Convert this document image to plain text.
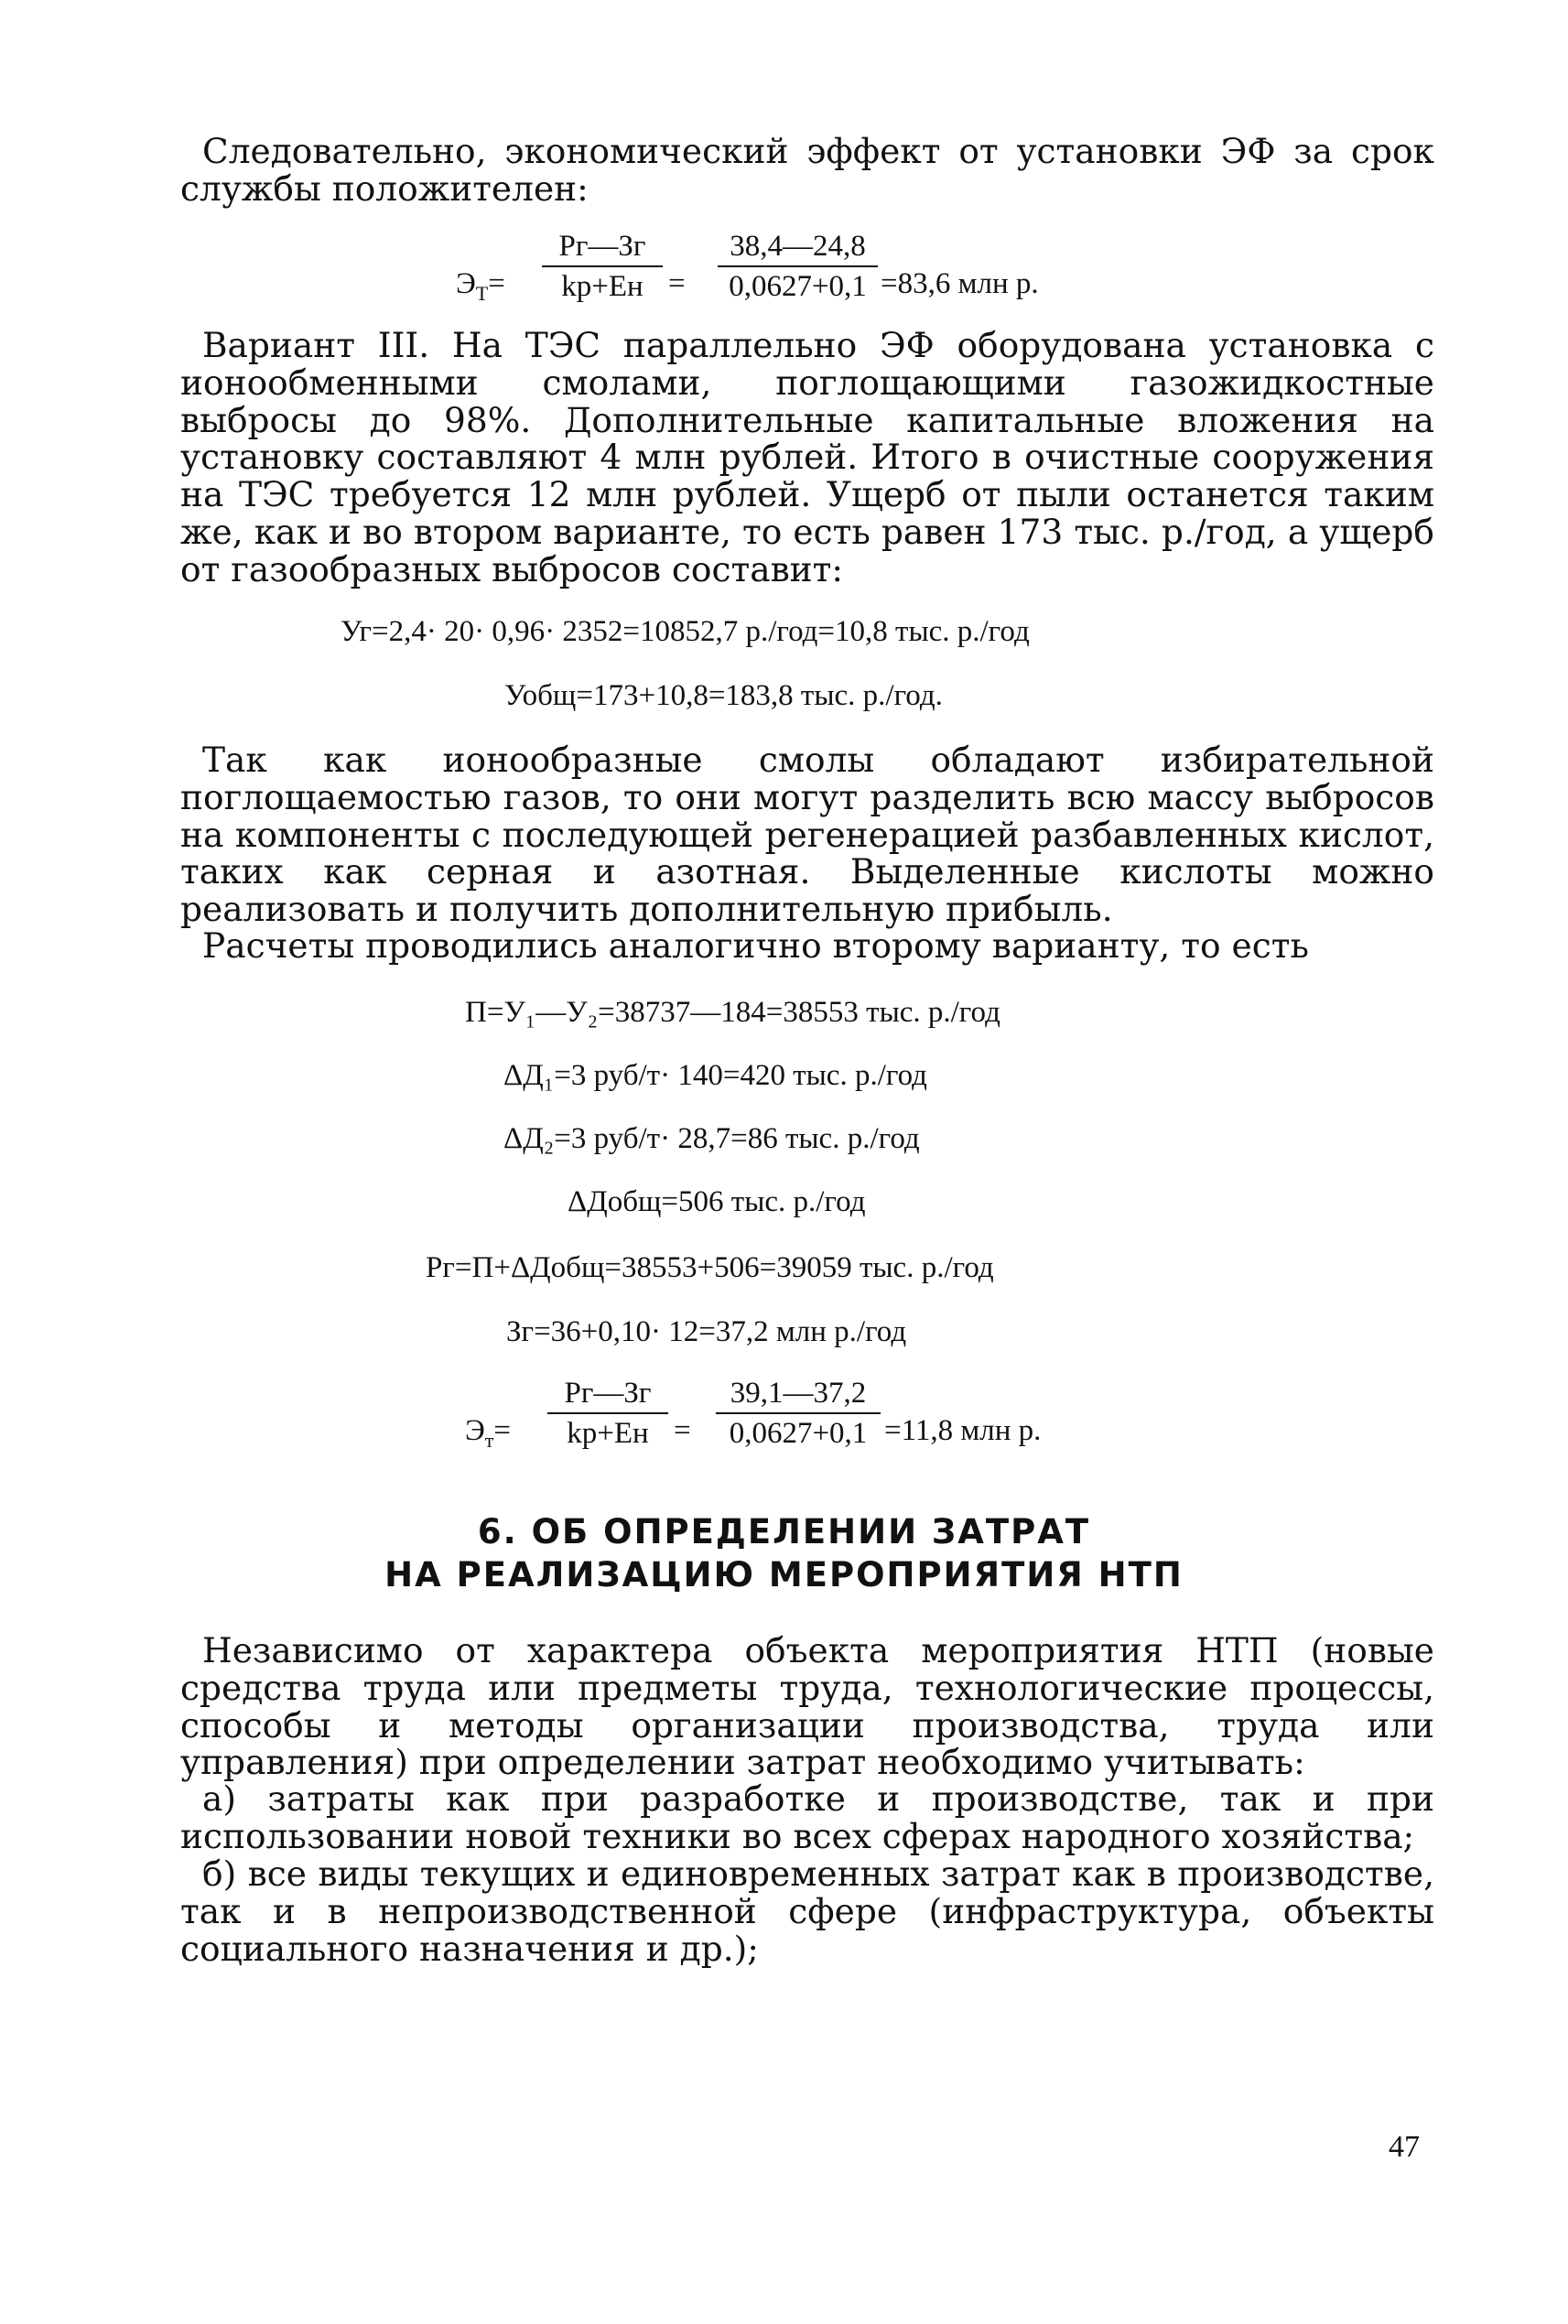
Следовательно, экономический эффект от установки ЭФ за срок службы положителен:
$Э_Т=$
Рг—Зг
kр+Ен =
38,4—24,8
0,0627+0,1 =83,6 млн р.
Вариант III. На ТЭС параллельно ЭФ оборудована установка с ионообменными смолами, поглощающими газожидкостные выбросы до 98%. Дополнительные капитальные вложения на установку составляют 4 млн рублей. Итого в очистные сооружения на ТЭС требуется 12 млн рублей. Ущерб от пыли останется таким же, как и во втором варианте, то есть равен 173 тыс. р./год, а ущерб от газообразных выбросов составит:
Уг=2,4· 20· 0,96· 2352=10852,7 р./год=10,8 тыс. р./год
Уобщ=173+10,8=183,8 тыс. р./год.
Так как ионообразные смолы обладают избирательной поглощаемостью газов, то они могут разделить всю массу выбросов на компоненты с последующей регенерацией разбавленных кислот, таких как серная и азотная. Выделенные кислоты можно реализовать и получить дополнительную прибыль.
Расчеты проводились аналогично второму варианту, то есть
П=У₁—У₂=38737—184=38553 тыс. р./год
ΔД₁=3 руб/т· 140=420 тыс. р./год
ΔД₂=3 руб/т· 28,7=86 тыс. р./год
ΔДобщ=506 тыс. р./год
Рг=П+ΔДобщ=38553+506=39059 тыс. р./год
Зг=36+0,10· 12=37,2 млн р./год
$Э_т=$
Рг—Зг
kр+Ен =
39,1—37,2
0,0627+0,1 =11,8 млн р.
6. ОБ ОПРЕДЕЛЕНИИ ЗАТРАТ
НА РЕАЛИЗАЦИЮ МЕРОПРИЯТИЯ НТП
Независимо от характера объекта мероприятия НТП (новые средства труда или предметы труда, технологические процессы, способы и методы организации производства, труда или управления) при определении затрат необходимо учитывать:
а) затраты как при разработке и производстве, так и при использовании новой техники во всех сферах народного хозяйства;
б) все виды текущих и единовременных затрат как в производстве, так и в непроизводственной сфере (инфраструктура, объекты социального назначения и др.);
47
